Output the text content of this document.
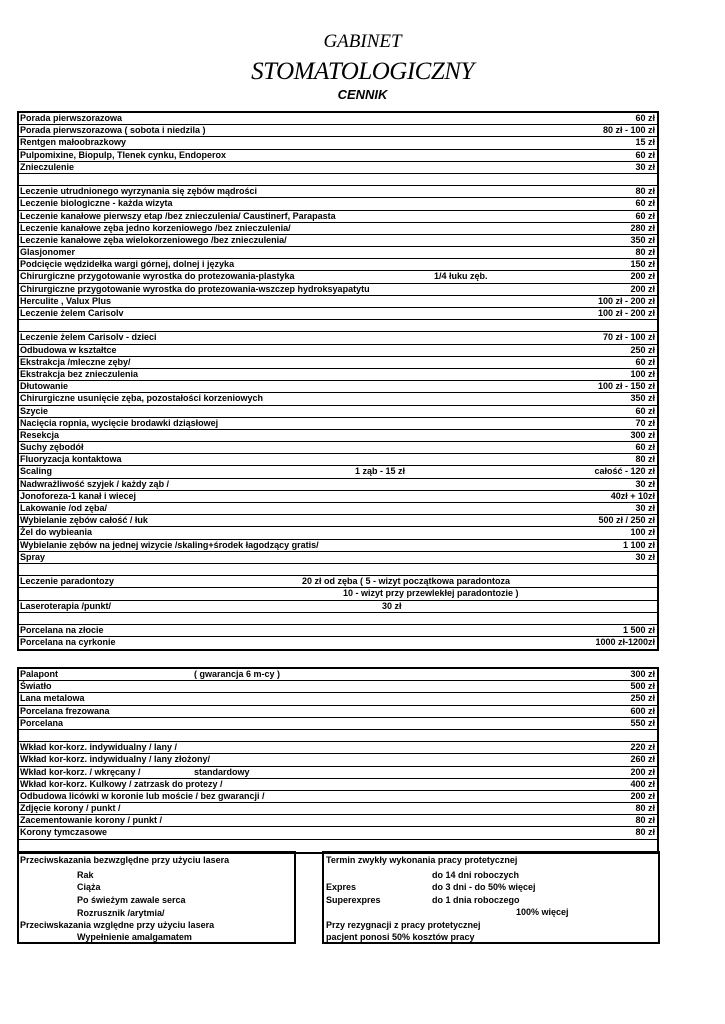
GABINET
STOMATOLOGICZNY
CENNIK
Porada pierwszorazowa	60 zł
Porada pierwszorazowa ( sobota i niedzila )	80 zł - 100 zł
Rentgen małoobrazkowy	15 zł
Pulpomixine, Biopulp, Tlenek cynku, Endoperox	60 zł
Znieczulenie	30 zł
Leczenie utrudnionego wyrzynania się zębów mądrości	80 zł
Leczenie biologiczne - każda wizyta	60 zł
Leczenie kanałowe pierwszy etap /bez znieczulenia/ Caustinerf, Parapasta	60 zł
Leczenie kanałowe zęba jedno korzeniowego /bez znieczulenia/	280 zł
Leczenie kanałowe zęba wielokorzeniowego /bez znieczulenia/	350 zł
Glasjonomer	80 zł
Podcięcie wędzidełka wargi górnej, dolnej i języka	150 zł
Chirurgiczne przygotowanie wyrostka do protezowania-plastyka	1/4 łuku zęb.	200 zł
Chirurgiczne przygotowanie wyrostka do protezowania-wszczep hydroksyapatytu	200 zł
Herculite , Valux Plus	100 zł - 200 zł
Leczenie żelem Carisolv	100 zł - 200 zł
Leczenie żelem Carisolv - dzieci	70 zł - 100 zł
Odbudowa w kształtce	250 zł
Ekstrakcja /mleczne zęby/	60 zł
Ekstrakcja bez znieczulenia	100 zł
Dłutowanie	100 zł - 150 zł
Chirurgiczne usunięcie zęba, pozostałości korzeniowych	350 zł
Szycie	60 zł
Nacięcia ropnia, wycięcie brodawki dziąsłowej	70 zł
Resekcja	300 zł
Suchy zębodół	60 zł
Fluoryzacja kontaktowa	80 zł
Scaling	1 ząb - 15 zł	całość - 120 zł
Nadwrażliwość szyjek / każdy ząb /	30 zł
Jonoforeza-1 kanał i wiecej	40zł + 10zł
Lakowanie /od zęba/	30 zł
Wybielanie zębów całość / łuk	500 zł / 250 zł
Żel do wybieania	100 zł
Wybielanie zębów na jednej wizycie /skaling+środek łagodzący gratis/	1 100 zł
Spray	30 zł
Leczenie paradontozy	20 zł od zęba ( 5 - wizyt początkowa paradontoza
10 - wizyt przy przewlekłej paradontozie )
Laseroterapia /punkt/	30 zł
Porcelana na złocie	1 500 zł
Porcelana na cyrkonie	1000 zł-1200zł
Palapont	( gwarancja 6 m-cy )	300 zł
Światło	500 zł
Lana metalowa	250 zł
Porcelana frezowana	600 zł
Porcelana	550 zł
Wkład kor-korz. indywidualny / lany /	220 zł
Wkład kor-korz. indywidualny / lany złożony/	260 zł
Wkład kor-korz. / wkręcany /	standardowy	200 zł
Wkład kor-korz. Kulkowy / zatrzask do protezy /	400 zł
Odbudowa licówki w koronie lub moście / bez gwarancji /	200 zł
Zdjęcie korony / punkt /	80 zł
Zacementowanie korony / punkt /	80 zł
Korony tymczasowe	80 zł
Przeciwskazania bezwzględne przy użyciu lasera
Rak
Ciąża
Po świeżym zawale serca
Rozrusznik /arytmia/
Przeciwskazania względne przy użyciu lasera
Wypełnienie amalgamatem
Termin zwykły wykonania pracy protetycznej
do 14 dni roboczych
Expres	do 3 dni - do 50% więcej
Superexpres	do 1 dnia roboczego
100% więcej
Przy rezygnacji z pracy protetycznej
pacjent ponosi 50% kosztów pracy
